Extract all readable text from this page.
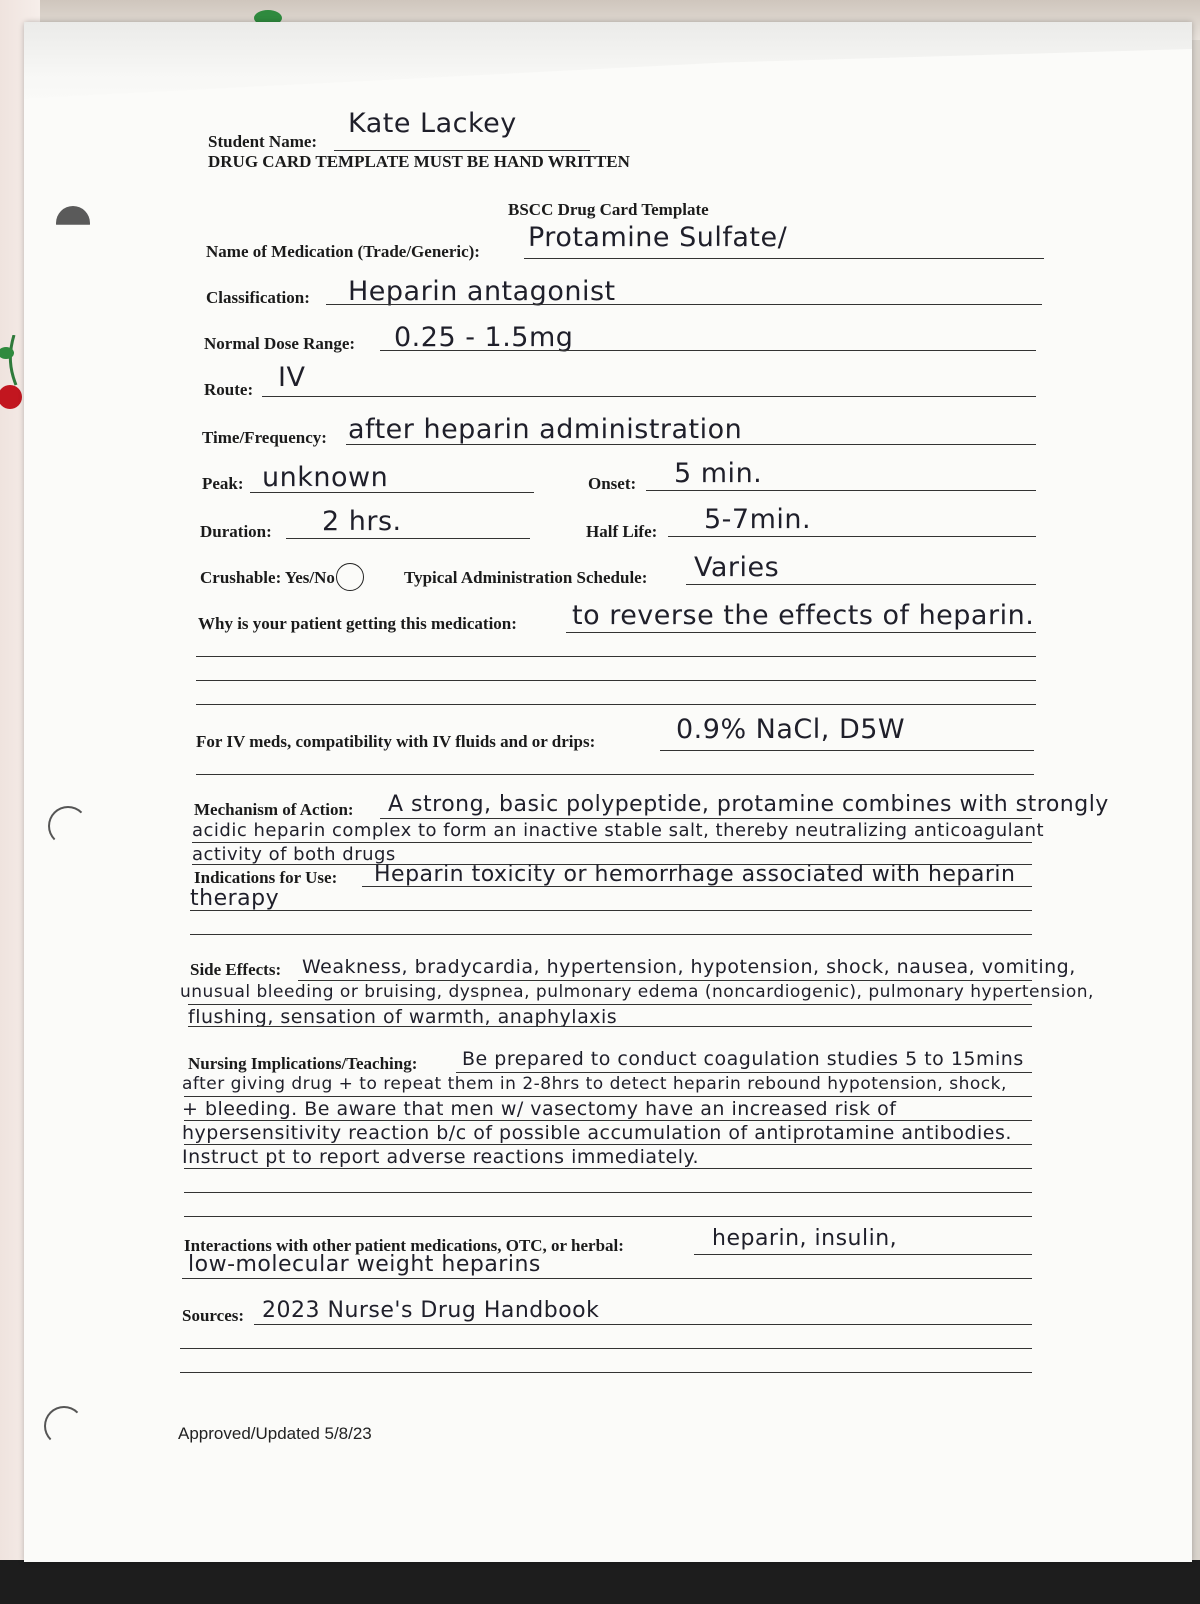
Student Name:
Kate Lackey
DRUG CARD TEMPLATE MUST BE HAND WRITTEN
BSCC Drug Card Template
Name of Medication (Trade/Generic): Protamine Sulfate/
Classification: Heparin antagonist
Normal Dose Range: 0.25 - 1.5mg
Route: IV
Time/Frequency: after heparin administration
Peak: unknown	Onset: 5 min.
Duration: 2 hrs.	Half Life: 5-7min.
Crushable: Yes/No	Typical Administration Schedule: Varies
Why is your patient getting this medication: to reverse the effects of heparin.
For IV meds, compatibility with IV fluids and or drips:	0.9% NaCl, D5W
Mechanism of Action: A strong, basic polypeptide, protamine combines with strongly
acidic heparin complex to form an inactive stable salt, thereby neutralizing anticoagulant
activity of both drugs
Indications for Use: Heparin toxicity or hemorrhage associated with heparin
therapy
Side Effects: Weakness, bradycardia, hypertension, hypotension, shock, nausea, vomiting,
unusual bleeding or bruising, dyspnea, pulmonary edema (noncardiogenic), pulmonary hypertension,
flushing, sensation of warmth, anaphylaxis
Nursing Implications/Teaching: Be prepared to conduct coagulation studies 5 to 15mins
after giving drug + to repeat them in 2-8hrs to detect heparin rebound hypotension, shock,
+ bleeding. Be aware that men w/ vasectomy have an increased risk of
hypersensitivity reaction b/c of possible accumulation of antiprotamine antibodies.
Instruct pt to report adverse reactions immediately.
Interactions with other patient medications, OTC, or herbal:	heparin, insulin,
low-molecular weight heparins
Sources: 2023 Nurse's Drug Handbook
Approved/Updated 5/8/23
